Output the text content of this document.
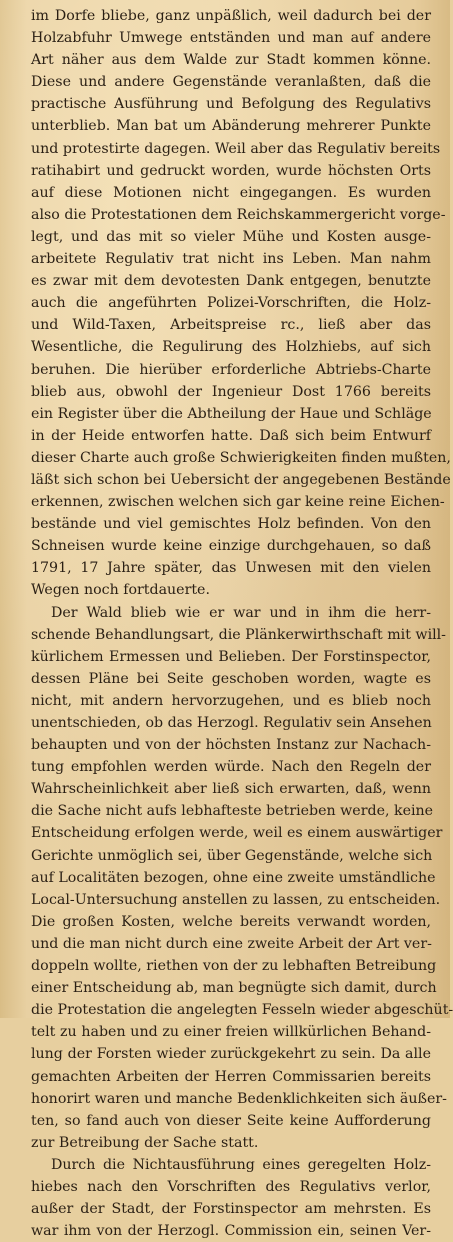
im Dorfe bliebe, ganz unpäßlich, weil dadurch bei der
Holzabfuhr Umwege entständen und man auf andere
Art näher aus dem Walde zur Stadt kommen könne.
Diese und andere Gegenstände veranlaßten, daß die
practische Ausführung und Befolgung des Regulativs
unterblieb. Man bat um Abänderung mehrerer Punkte
und protestirte dagegen. Weil aber das Regulativ bereits
ratihabirt und gedruckt worden, wurde höchsten Orts
auf diese Motionen nicht eingegangen. Es wurden
also die Protestationen dem Reichskammergericht vorge-
legt, und das mit so vieler Mühe und Kosten ausge-
arbeitete Regulativ trat nicht ins Leben. Man nahm
es zwar mit dem devotesten Dank entgegen, benutzte
auch die angeführten Polizei-Vorschriften, die Holz-
und Wild-Taxen, Arbeitspreise rc., ließ aber das
Wesentliche, die Regulirung des Holzhiebs, auf sich
beruhen. Die hierüber erforderliche Abtriebs-Charte
blieb aus, obwohl der Ingenieur Dost 1766 bereits
ein Register über die Abtheilung der Haue und Schläge
in der Heide entworfen hatte. Daß sich beim Entwurf
dieser Charte auch große Schwierigkeiten finden mußten,
läßt sich schon bei Uebersicht der angegebenen Bestände
erkennen, zwischen welchen sich gar keine reine Eichen-
bestände und viel gemischtes Holz befinden. Von den
Schneisen wurde keine einzige durchgehauen, so daß
1791, 17 Jahre später, das Unwesen mit den vielen
Wegen noch fortdauerte.
Der Wald blieb wie er war und in ihm die herr-
schende Behandlungsart, die Plänkerwirthschaft mit will-
kürlichem Ermessen und Belieben. Der Forstinspector,
dessen Pläne bei Seite geschoben worden, wagte es
nicht, mit andern hervorzugehen, und es blieb noch
unentschieden, ob das Herzogl. Regulativ sein Ansehen
behaupten und von der höchsten Instanz zur Nachach-
tung empfohlen werden würde. Nach den Regeln der
Wahrscheinlichkeit aber ließ sich erwarten, daß, wenn
die Sache nicht aufs lebhafteste betrieben werde, keine
Entscheidung erfolgen werde, weil es einem auswärtiger
Gerichte unmöglich sei, über Gegenstände, welche sich
auf Localitäten bezogen, ohne eine zweite umständliche
Local-Untersuchung anstellen zu lassen, zu entscheiden.
Die großen Kosten, welche bereits verwandt worden,
und die man nicht durch eine zweite Arbeit der Art ver-
doppeln wollte, riethen von der zu lebhaften Betreibung
einer Entscheidung ab, man begnügte sich damit, durch
die Protestation die angelegten Fesseln wieder abgeschüt-
telt zu haben und zu einer freien willkürlichen Behand-
lung der Forsten wieder zurückgekehrt zu sein. Da alle
gemachten Arbeiten der Herren Commissarien bereits
honorirt waren und manche Bedenklichkeiten sich äußer-
ten, so fand auch von dieser Seite keine Aufforderung
zur Betreibung der Sache statt.
Durch die Nichtausführung eines geregelten Holz-
hiebes nach den Vorschriften des Regulativs verlor,
außer der Stadt, der Forstinspector am mehrsten. Es
war ihm von der Herzogl. Commission ein, seinen Ver-
